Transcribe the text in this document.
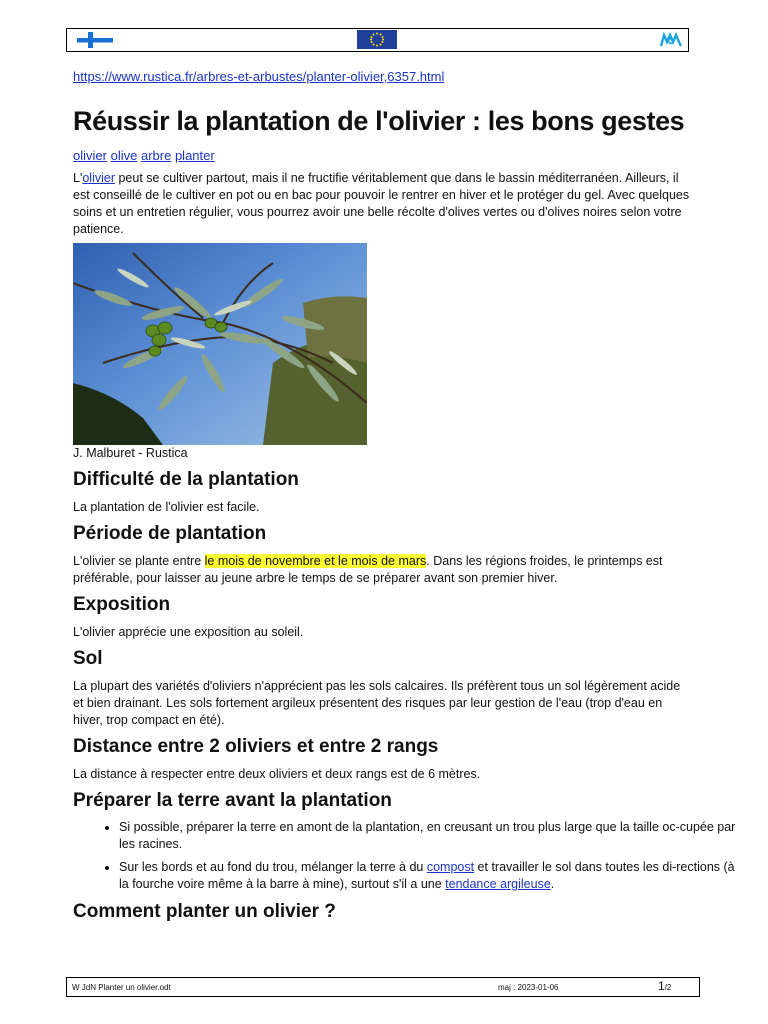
https://www.rustica.fr/arbres-et-arbustes/planter-olivier,6357.html
Réussir la plantation de l'olivier : les bons gestes
olivier olive arbre planter

L'olivier peut se cultiver partout, mais il ne fructifie véritablement que dans le bassin méditerranéen. Ailleurs, il est conseillé de le cultiver en pot ou en bac pour pouvoir le rentrer en hiver et le protéger du gel. Avec quelques soins et un entretien régulier, vous pourrez avoir une belle récolte d'olives vertes ou d'olives noires selon votre patience.

J. Malburet - Rustica
Difficulté de la plantation

La plantation de l'olivier est facile.

Période de plantation

L'olivier se plante entre le mois de novembre et le mois de mars. Dans les régions froides, le printemps est préférable, pour laisser au jeune arbre le temps de se préparer avant son premier hiver.

Exposition

L'olivier apprécie une exposition au soleil.

Sol

La plupart des variétés d'oliviers n'apprécient pas les sols calcaires. Ils préfèrent tous un sol légèrement acide et bien drainant. Les sols fortement argileux présentent des risques par leur gestion de l'eau (trop d'eau en hiver, trop compact en été).

Distance entre 2 oliviers et entre 2 rangs

La distance à respecter entre deux oliviers et deux rangs est de 6 mètres.

Préparer la terre avant la plantation
• Si possible, préparer la terre en amont de la plantation, en creusant un trou plus large que la taille oc-cupée par les racines.
• Sur les bords et au fond du trou, mélanger la terre à du compost et travailler le sol dans toutes les di-rections (à la fourche voire même à la barre à mine), surtout s'il a une tendance argileuse.
Comment planter un olivier ?
W JdN Planter un olivier.odt	maj : 2023-01-06	1/2
